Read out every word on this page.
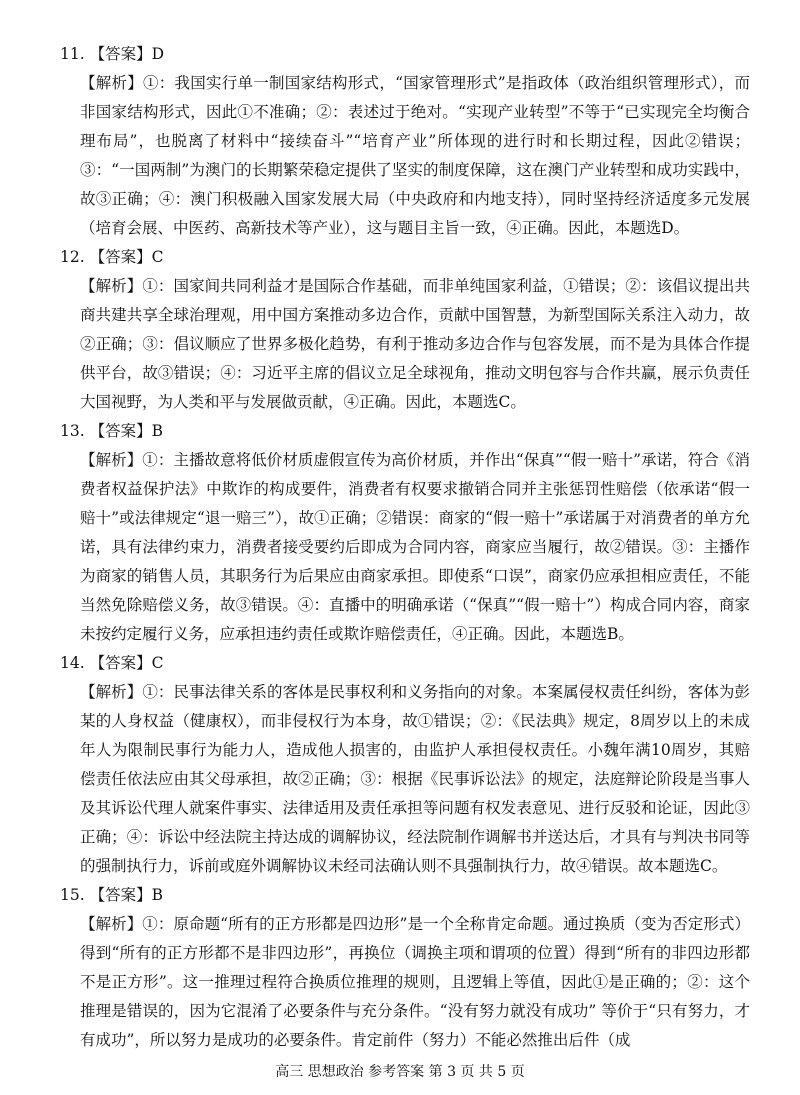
11. 【答案】D

【解析】①：我国实行单一制国家结构形式，“国家管理形式”是指政体（政治组织管理形式），而非国家结构形式，因此①不准确；②：表述过于绝对。“实现产业转型”不等于“已实现完全均衡合理布局”，也脱离了材料中“接续奋斗”“培育产业”所体现的进行时和长期过程，因此②错误；③：“一国两制”为澳门的长期繁荣稳定提供了坚实的制度保障，这在澳门产业转型和成功实践中，故③正确；④：澳门积极融入国家发展大局（中央政府和内地支持），同时坚持经济适度多元发展（培育会展、中医药、高新技术等产业），这与题目主旨一致，④正确。因此，本题选D。

12. 【答案】C

【解析】①：国家间共同利益才是国际合作基础，而非单纯国家利益，①错误；②：该倡议提出共商共建共享全球治理观，用中国方案推动多边合作，贡献中国智慧，为新型国际关系注入动力，故②正确；③：倡议顺应了世界多极化趋势，有利于推动多边合作与包容发展，而不是为具体合作提供平台，故③错误；④：习近平主席的倡议立足全球视角，推动文明包容与合作共赢，展示负责任大国视野，为人类和平与发展做贡献，④正确。因此，本题选C。

13. 【答案】B

【解析】①：主播故意将低价材质虚假宣传为高价材质，并作出“保真”“假一赔十”承诺，符合《消费者权益保护法》中欺诈的构成要件，消费者有权要求撤销合同并主张惩罚性赔偿（依承诺“假一赔十”或法律规定“退一赔三”），故①正确；②错误：商家的“假一赔十”承诺属于对消费者的单方允诺，具有法律约束力，消费者接受要约后即成为合同内容，商家应当履行，故②错误。③：主播作为商家的销售人员，其职务行为后果应由商家承担。即使系“口误”，商家仍应承担相应责任，不能当然免除赔偿义务，故③错误。④：直播中的明确承诺（“保真”“假一赔十”）构成合同内容，商家未按约定履行义务，应承担违约责任或欺诈赔偿责任，④正确。因此，本题选B。

14. 【答案】C

【解析】①：民事法律关系的客体是民事权利和义务指向的对象。本案属侵权责任纠纷，客体为彭某的人身权益（健康权），而非侵权行为本身，故①错误；②：《民法典》规定，8周岁以上的未成年人为限制民事行为能力人，造成他人损害的，由监护人承担侵权责任。小魏年满10周岁，其赔偿责任依法应由其父母承担，故②正确；③：根据《民事诉讼法》的规定，法庭辩论阶段是当事人及其诉讼代理人就案件事实、法律适用及责任承担等问题有权发表意见、进行反驳和论证，因此③正确；④：诉讼中经法院主持达成的调解协议，经法院制作调解书并送达后，才具有与判决书同等的强制执行力，诉前或庭外调解协议未经司法确认则不具强制执行力，故④错误。故本题选C。

15. 【答案】B

【解析】①：原命题“所有的正方形都是四边形”是一个全称肯定命题。通过换质（变为否定形式）得到“所有的正方形都不是非四边形”，再换位（调换主项和谓项的位置）得到“所有的非四边形都不是正方形”。这一推理过程符合换质位推理的规则，且逻辑上等值，因此①是正确的；②：这个推理是错误的，因为它混淆了必要条件与充分条件。“没有努力就没有成功” 等价于“只有努力，才有成功”，所以努力是成功的必要条件。肯定前件（努力）不能必然推出后件（成

高三 思想政治 参考答案 第 3 页 共 5 页
